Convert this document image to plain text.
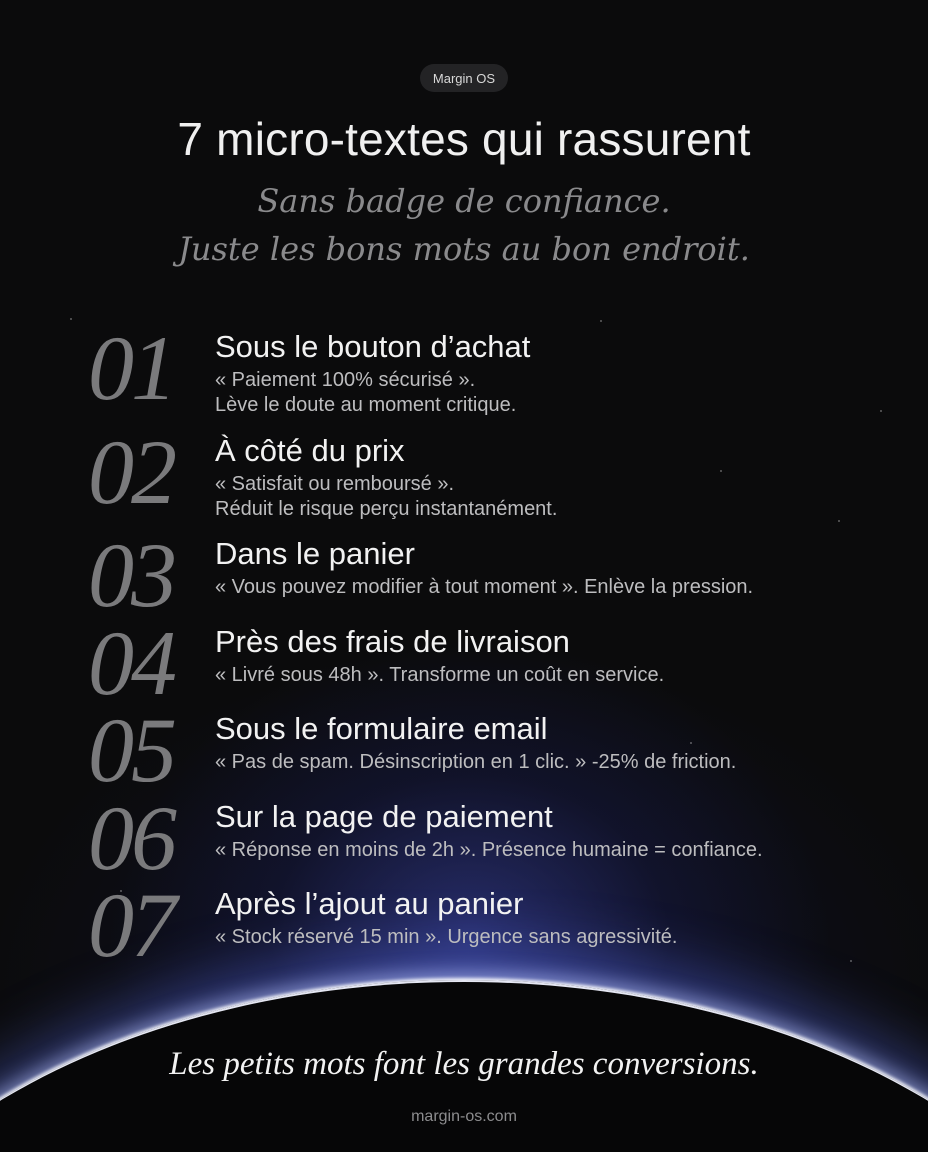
Margin OS
7 micro-textes qui rassurent
Sans badge de confiance.
Juste les bons mots au bon endroit.
01	Sous le bouton d’achat
« Paiement 100% sécurisé ».
Lève le doute au moment critique.
02	À côté du prix
« Satisfait ou remboursé ».
Réduit le risque perçu instantanément.
03	Dans le panier
« Vous pouvez modifier à tout moment ». Enlève la pression.
04	Près des frais de livraison
« Livré sous 48h ». Transforme un coût en service.
05	Sous le formulaire email
« Pas de spam. Désinscription en 1 clic. » -25% de friction.
06	Sur la page de paiement
« Réponse en moins de 2h ». Présence humaine = confiance.
07	Après l’ajout au panier
« Stock réservé 15 min ». Urgence sans agressivité.
Les petits mots font les grandes conversions.
margin-os.com
